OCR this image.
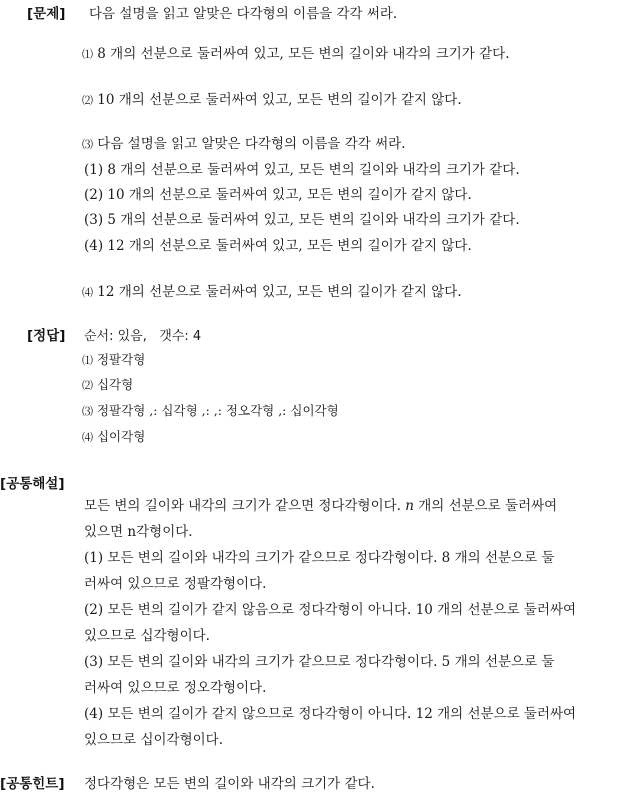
[문제] 다음 설명을 읽고 알맞은 다각형의 이름을 각각 써라.
⑴ 8 개의 선분으로 둘러싸여 있고, 모든 변의 길이와 내각의 크기가 같다.
⑵ 10 개의 선분으로 둘러싸여 있고, 모든 변의 길이가 같지 않다.
⑶ 다음 설명을 읽고 알맞은 다각형의 이름을 각각 써라.
(1) 8 개의 선분으로 둘러싸여 있고, 모든 변의 길이와 내각의 크기가 같다.
(2) 10 개의 선분으로 둘러싸여 있고, 모든 변의 길이가 같지 않다.
(3) 5 개의 선분으로 둘러싸여 있고, 모든 변의 길이와 내각의 크기가 같다.
(4) 12 개의 선분으로 둘러싸여 있고, 모든 변의 길이가 같지 않다.
⑷ 12 개의 선분으로 둘러싸여 있고, 모든 변의 길이가 같지 않다.
[정답] 순서: 있음,   갯수: 4
⑴ 정팔각형
⑵ 십각형
⑶ 정팔각형 ,: 십각형 ,: ,: 정오각형 ,: 십이각형
⑷ 십이각형
[공통해설]
모든 변의 길이와 내각의 크기가 같으면 정다각형이다. n 개의 선분으로 둘러싸여
있으면 n각형이다.
(1) 모든 변의 길이와 내각의 크기가 같으므로 정다각형이다. 8 개의 선분으로 둘
러싸여 있으므로 정팔각형이다.
(2) 모든 변의 길이가 같지 않음으로 정다각형이 아니다. 10 개의 선분으로 둘러싸여
있으므로 십각형이다.
(3) 모든 변의 길이와 내각의 크기가 같으므로 정다각형이다. 5 개의 선분으로 둘
러싸여 있으므로 정오각형이다.
(4) 모든 변의 길이가 같지 않으므로 정다각형이 아니다. 12 개의 선분으로 둘러싸여
있으므로 십이각형이다.
[공통힌트] 정다각형은 모든 변의 길이와 내각의 크기가 같다.
